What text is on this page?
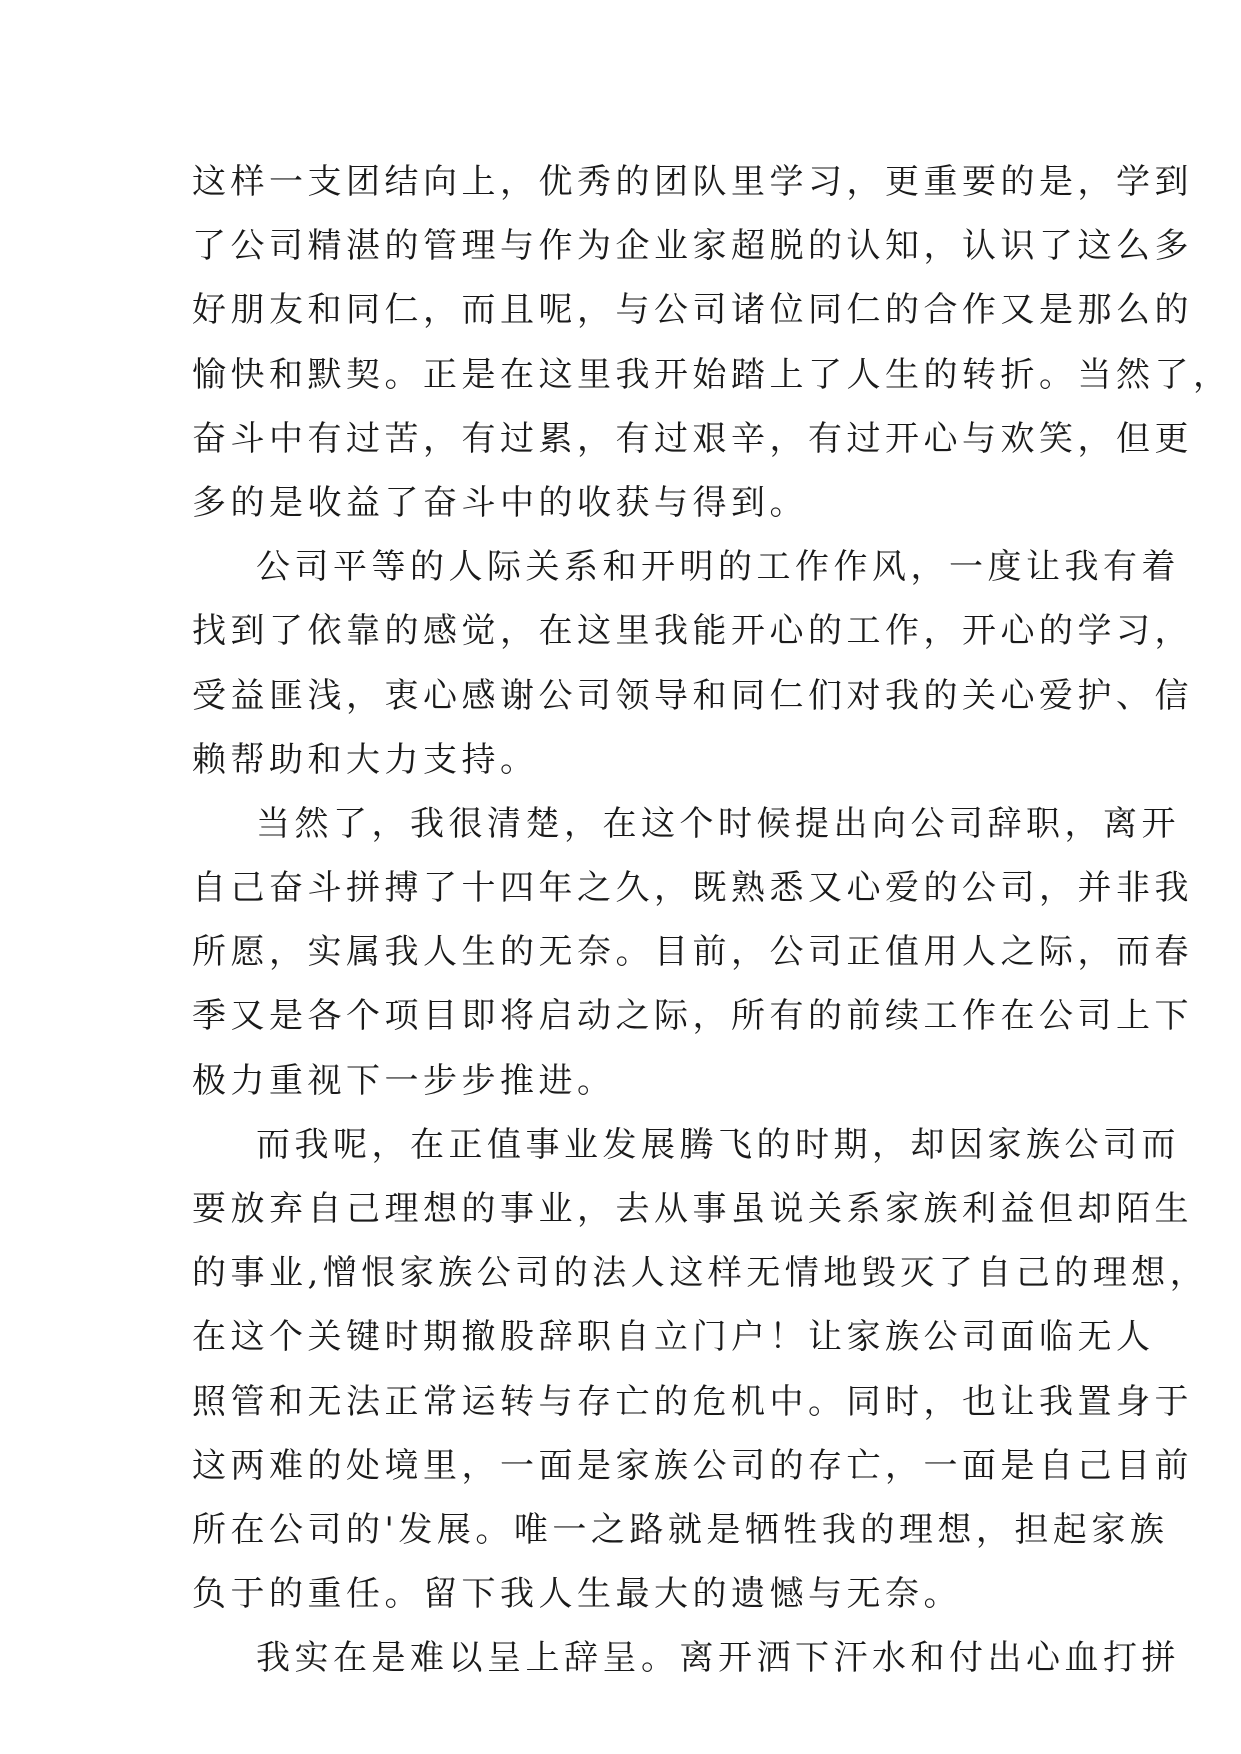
这样一支团结向上，优秀的团队里学习，更重要的是，学到
了公司精湛的管理与作为企业家超脱的认知，认识了这么多
好朋友和同仁，而且呢，与公司诸位同仁的合作又是那么的
愉快和默契。正是在这里我开始踏上了人生的转折。当然了，
奋斗中有过苦，有过累，有过艰辛，有过开心与欢笑，但更
多的是收益了奋斗中的收获与得到。
公司平等的人际关系和开明的工作作风，一度让我有着
找到了依靠的感觉，在这里我能开心的工作，开心的学习，
受益匪浅，衷心感谢公司领导和同仁们对我的关心爱护、信
赖帮助和大力支持。
当然了，我很清楚，在这个时候提出向公司辞职，离开
自己奋斗拼搏了十四年之久，既熟悉又心爱的公司，并非我
所愿，实属我人生的无奈。目前，公司正值用人之际，而春
季又是各个项目即将启动之际，所有的前续工作在公司上下
极力重视下一步步推进。
而我呢，在正值事业发展腾飞的时期，却因家族公司而
要放弃自己理想的事业，去从事虽说关系家族利益但却陌生
的事业,憎恨家族公司的法人这样无情地毁灭了自己的理想，
在这个关键时期撤股辞职自立门户！让家族公司面临无人
照管和无法正常运转与存亡的危机中。同时，也让我置身于
这两难的处境里，一面是家族公司的存亡，一面是自己目前
所在公司的'发展。唯一之路就是牺牲我的理想，担起家族
负于的重任。留下我人生最大的遗憾与无奈。
我实在是难以呈上辞呈。离开洒下汗水和付出心血打拼
